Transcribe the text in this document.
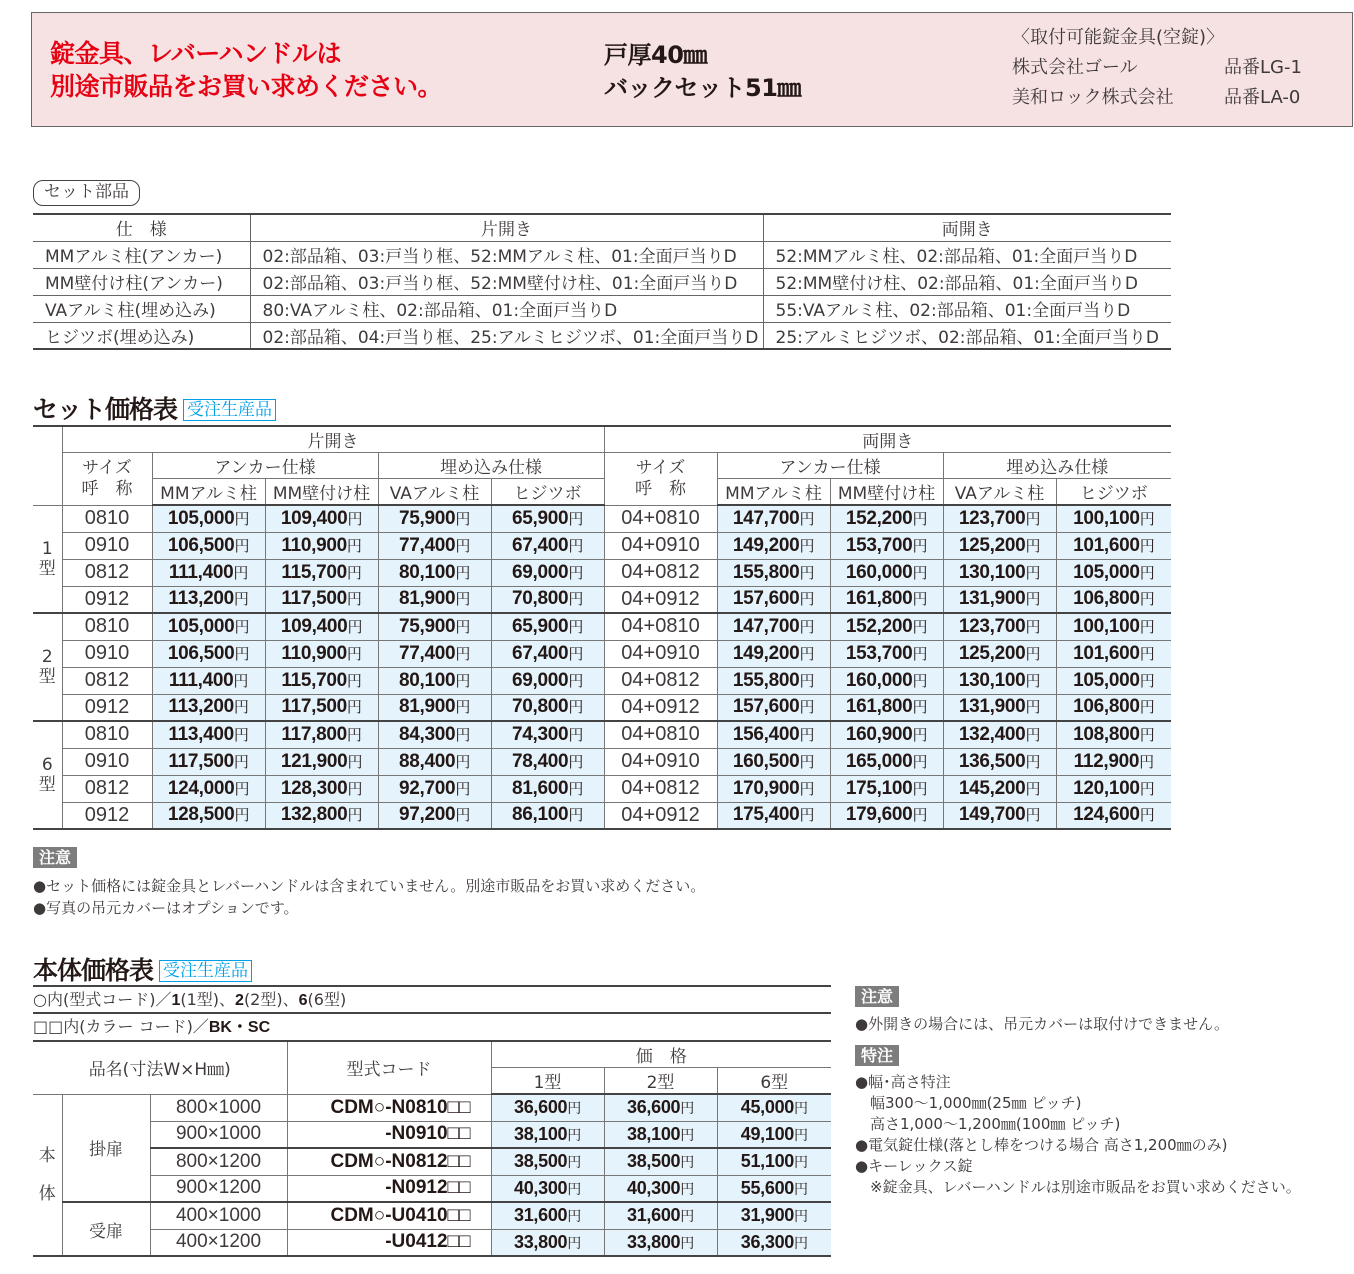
錠金具、レバーハンドルは
別途市販品をお買い求めください。
戸厚40㎜
バックセット51㎜
〈取付可能錠金具(空錠)〉
株式会社ゴール	品番LG-1
美和ロック株式会社	品番LA-0
セット部品
仕　様	片開き	両開き
MMアルミ柱(アンカー)	02:部品箱、03:戸当り框、52:MMアルミ柱、01:全面戸当りD	52:MMアルミ柱、02:部品箱、01:全面戸当りD
MM壁付け柱(アンカー)	02:部品箱、03:戸当り框、52:MM壁付け柱、01:全面戸当りD	52:MM壁付け柱、02:部品箱、01:全面戸当りD
VAアルミ柱(埋め込み)	80:VAアルミ柱、02:部品箱、01:全面戸当りD	55:VAアルミ柱、02:部品箱、01:全面戸当りD
ヒジツボ(埋め込み)	02:部品箱、04:戸当り框、25:アルミヒジツボ、01:全面戸当りD	25:アルミヒジツボ、02:部品箱、01:全面戸当りD
セット価格表 受注生産品
	片開き					両開き				

サイズ
呼　称
	アンカー仕様	埋め込み仕様	サイズ
呼　称
	アンカー仕様	埋め込み仕様
		MMアルミ柱	MM壁付け柱	VAアルミ柱	ヒジツボ		MMアルミ柱	MM壁付け柱	VAアルミ柱	ヒジツボ

1
型	0810	105,000円	109,400円	75,900円	65,900円	04+0810	147,700円	152,200円	123,700円	100,100円
	0910	106,500円	110,900円	77,400円	67,400円	04+0910	149,200円	153,700円	125,200円	101,600円
	0812	111,400円	115,700円	80,100円	69,000円	04+0812	155,800円	160,000円	130,100円	105,000円
	0912	113,200円	117,500円	81,900円	70,800円	04+0912	157,600円	161,800円	131,900円	106,800円

2
型	0810	105,000円	109,400円	75,900円	65,900円	04+0810	147,700円	152,200円	123,700円	100,100円
	0910	106,500円	110,900円	77,400円	67,400円	04+0910	149,200円	153,700円	125,200円	101,600円
	0812	111,400円	115,700円	80,100円	69,000円	04+0812	155,800円	160,000円	130,100円	105,000円
	0912	113,200円	117,500円	81,900円	70,800円	04+0912	157,600円	161,800円	131,900円	106,800円

6
型	0810	113,400円	117,800円	84,300円	74,300円	04+0810	156,400円	160,900円	132,400円	108,800円
	0910	117,500円	121,900円	88,400円	78,400円	04+0910	160,500円	165,000円	136,500円	112,900円
	0812	124,000円	128,300円	92,700円	81,600円	04+0812	170,900円	175,100円	145,200円	120,100円
	0912	128,500円	132,800円	97,200円	86,100円	04+0912	175,400円	179,600円	149,700円	124,600円
注意
●セット価格には錠金具とレバーハンドルは含まれていません。別途市販品をお買い求めください。
●写真の吊元カバーはオプションです。
本体価格表 受注生産品
○内(型式コード)／1(1型)、2(2型)、6(6型)
□□内(カラー コード)／BK・SC
品名(寸法W×H㎜)			型式コード	価　格		
				1型	2型	6型

本
体	掛扉	800×1000	CDM○-N0810□□	36,600円	36,600円	45,000円
		900×1000	-N0910□□	38,100円	38,100円	49,100円
		800×1200	CDM○-N0812□□	38,500円	38,500円	51,100円
		900×1200	-N0912□□	40,300円	40,300円	55,600円
	受扉	400×1000	CDM○-U0410□□	31,600円	31,600円	31,900円
		400×1200	-U0412□□	33,800円	33,800円	36,300円
注意
●外開きの場合には、吊元カバーは取付けできません。
特注
●幅･高さ特注
　幅300～1,000㎜(25㎜ ピッチ)
　高さ1,000～1,200㎜(100㎜ ピッチ)
●電気錠仕様(落とし棒をつける場合 高さ1,200㎜のみ)
●キーレックス錠
　※錠金具、レバーハンドルは別途市販品をお買い求めください。
